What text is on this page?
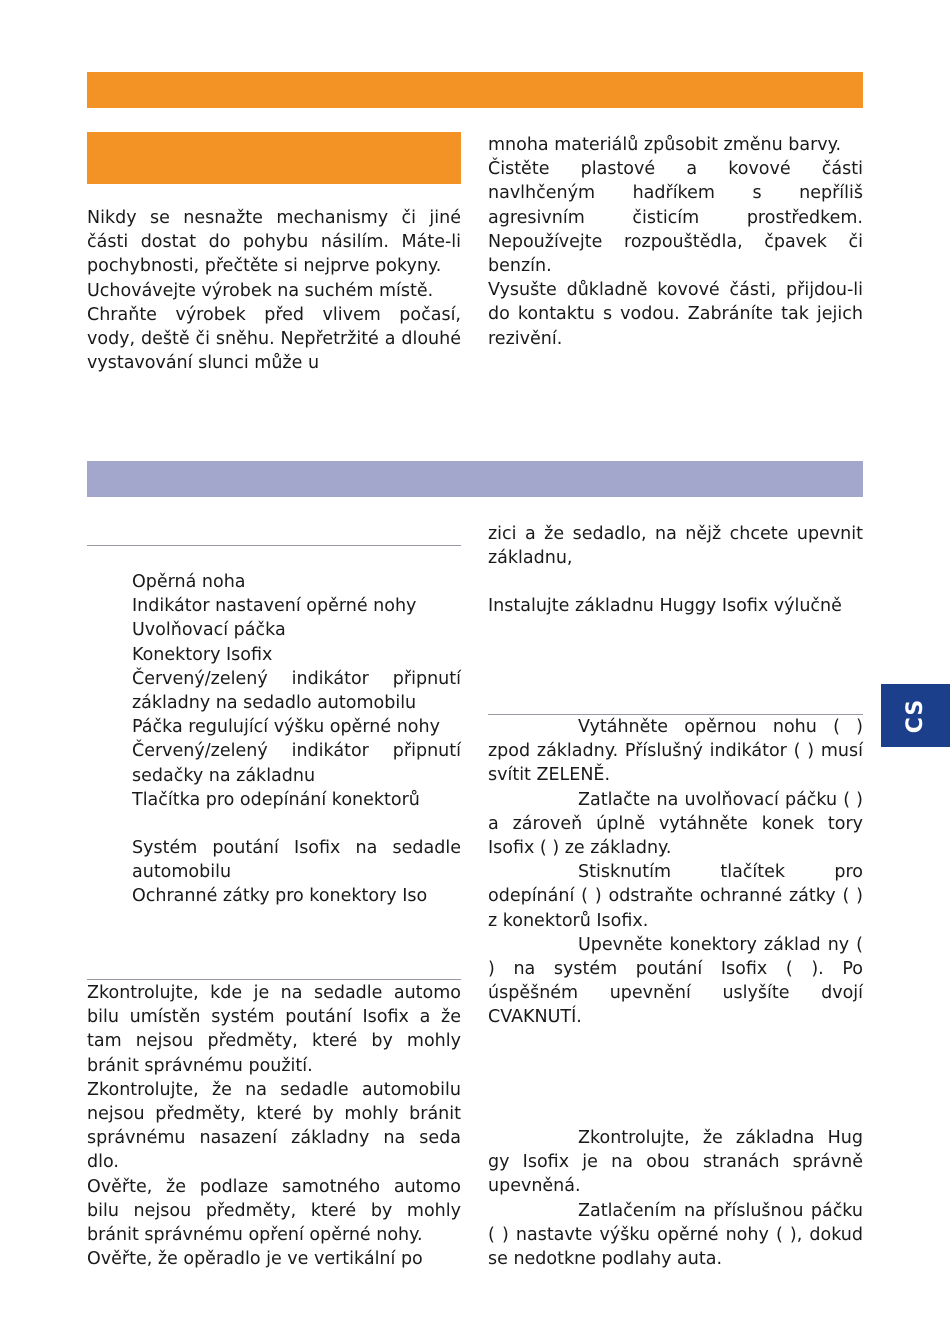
Nikdy se nesnažte mechanismy či jiné části dostat do pohybu násilím. Máte-li pochybnosti, přečtěte si nejprve pokyny.

Uchovávejte výrobek na suchém místě.

Chraňte výrobek před vlivem počasí, vody, deště či sněhu. Nepřetržité a dlouhé vystavování slunci může u

mnoha materiálů způsobit změnu barvy.

Čistěte plastové a kovové části navlhčeným hadříkem s nepříliš agresivním čisticím prostředkem. Nepoužívejte rozpouštědla, čpavek či benzín.

Vysušte důkladně kovové části, přijdou-li do kontaktu s vodou. Zabráníte tak jejich rezivění.

Opěrná noha

Indikátor nastavení opěrné nohy

Uvolňovací páčka

Konektory Isofix

Červený/zelený indikátor připnutí základny na sedadlo automobilu

Páčka regulující výšku opěrné nohy

Červený/zelený indikátor připnutí sedačky na základnu

Tlačítka pro odepínání konektorů

Systém poutání Isofix na sedadle automobilu

Ochranné zátky pro konektory Iso

Zkontrolujte, kde je na sedadle automo bilu umístěn systém poutání Isofix a že tam nejsou předměty, které by mohly bránit správnému použití.

Zkontrolujte, že na sedadle automobilu nejsou předměty, které by mohly bránit správnému nasazení základny na seda dlo.

Ověřte, že podlaze samotného automo bilu nejsou předměty, které by mohly bránit správnému opření opěrné nohy.

Ověřte, že opěradlo je ve vertikální po

zici a že sedadlo, na nějž chcete upevnit základnu,

Instalujte základnu Huggy Isofix výlučně

Vytáhněte opěrnou nohu ( ) zpod základny. Příslušný indikátor ( ) musí svítit ZELENĚ.

Zatlačte na uvolňovací páčku ( ) a zároveň úplně vytáhněte konek tory Isofix ( ) ze základny.

Stisknutím tlačítek pro odepínání ( ) odstraňte ochranné zátky ( ) z konektorů Isofix.

Upevněte konektory základ ny ( ) na systém poutání Isofix ( ). Po úspěšném upevnění uslyšíte dvojí CVAKNUTÍ.

Zkontrolujte, že základna Hug gy Isofix je na obou stranách správně upevněná.

Zatlačením na příslušnou páčku ( ) nastavte výšku opěrné nohy ( ), dokud se nedotkne podlahy auta.

CS
